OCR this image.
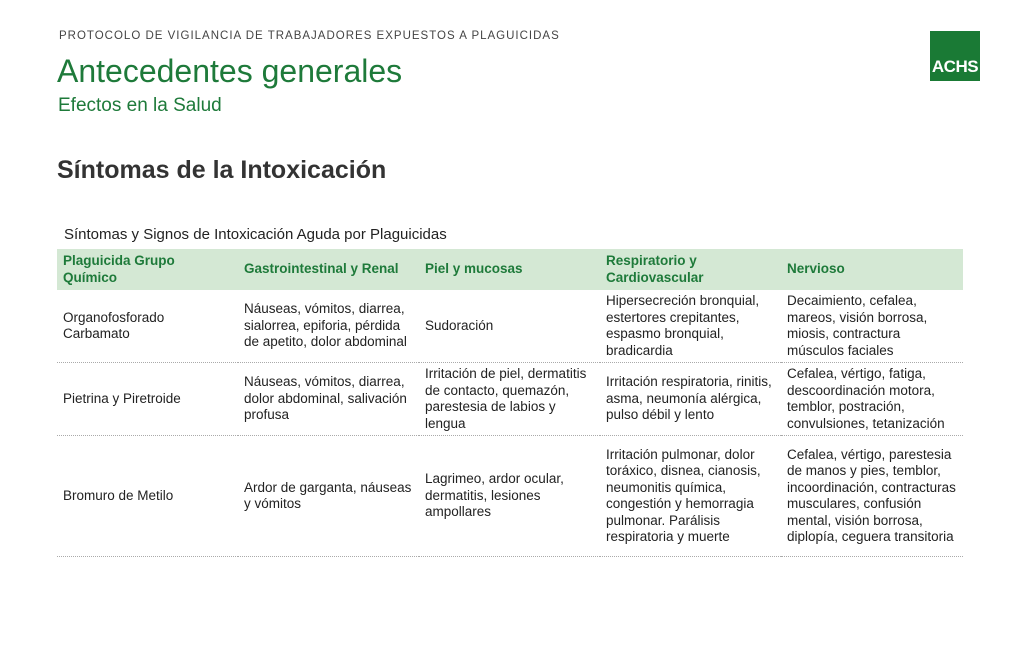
PROTOCOLO DE VIGILANCIA DE TRABAJADORES EXPUESTOS A PLAGUICIDAS
Antecedentes generales
Efectos en la Salud
ACHS
Síntomas de la Intoxicación
Síntomas y Signos de Intoxicación Aguda por Plaguicidas
Plaguicida Grupo Químico	Gastrointestinal y Renal	Piel y mucosas	Respiratorio y Cardiovascular	Nervioso
Organofosforado Carbamato	Náuseas, vómitos, diarrea, sialorrea, epiforia, pérdida de apetito, dolor abdominal	Sudoración	Hipersecreción bronquial, estertores crepitantes, espasmo bronquial, bradicardia	Decaimiento, cefalea, mareos, visión borrosa, miosis, contractura músculos faciales
Pietrina y Piretroide	Náuseas, vómitos, diarrea, dolor abdominal, salivación profusa	Irritación de piel, dermatitis de contacto, quemazón, parestesia de labios y lengua	Irritación respiratoria, rinitis, asma, neumonía alérgica, pulso débil y lento	Cefalea, vértigo, fatiga, descoordinación motora, temblor, postración, convulsiones, tetanización
Bromuro de Metilo	Ardor de garganta, náuseas y vómitos	Lagrimeo, ardor ocular, dermatitis, lesiones ampollares	Irritación pulmonar, dolor toráxico, disnea, cianosis, neumonitis química, congestión y hemorragia pulmonar. Parálisis respiratoria y muerte	Cefalea, vértigo, parestesia de manos y pies, temblor, incoordinación, contracturas musculares, confusión mental, visión borrosa, diplopía, ceguera transitoria
